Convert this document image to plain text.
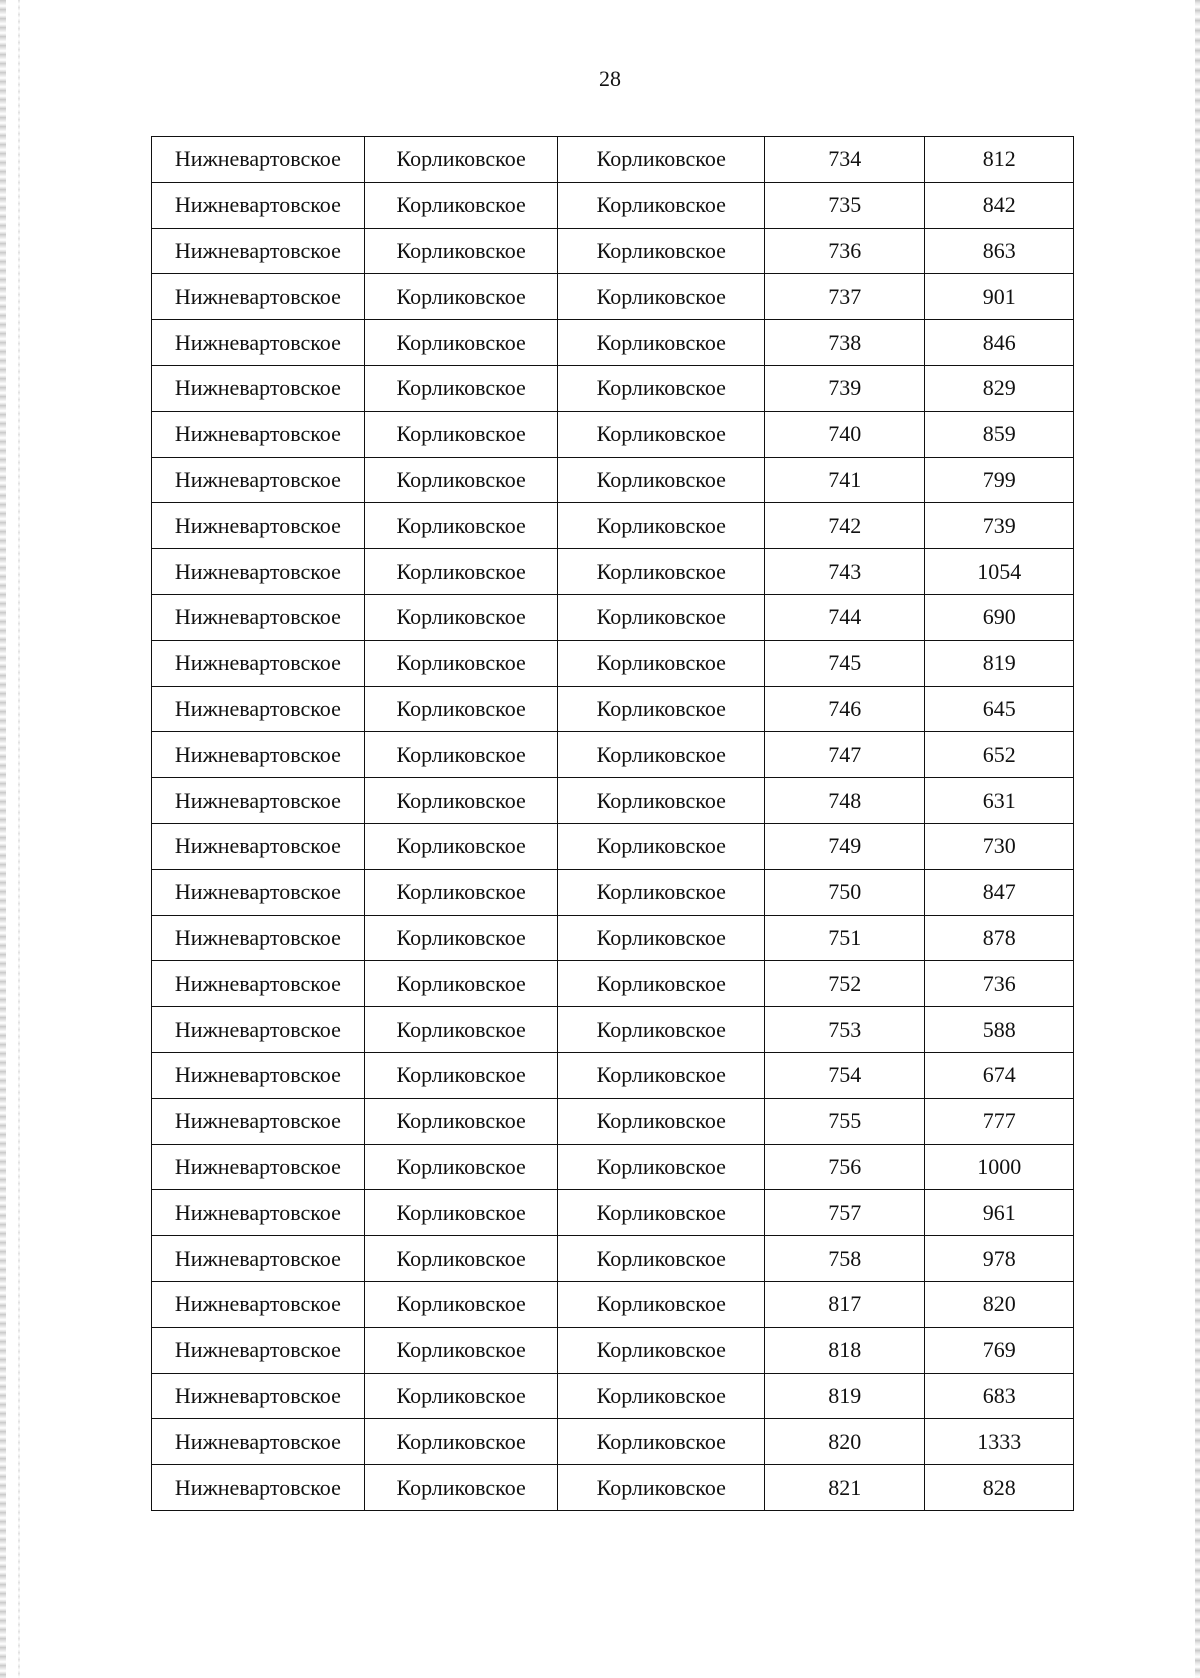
28
Нижневартовское	Корликовское	Корликовское	734	812
Нижневартовское	Корликовское	Корликовское	735	842
Нижневартовское	Корликовское	Корликовское	736	863
Нижневартовское	Корликовское	Корликовское	737	901
Нижневартовское	Корликовское	Корликовское	738	846
Нижневартовское	Корликовское	Корликовское	739	829
Нижневартовское	Корликовское	Корликовское	740	859
Нижневартовское	Корликовское	Корликовское	741	799
Нижневартовское	Корликовское	Корликовское	742	739
Нижневартовское	Корликовское	Корликовское	743	1054
Нижневартовское	Корликовское	Корликовское	744	690
Нижневартовское	Корликовское	Корликовское	745	819
Нижневартовское	Корликовское	Корликовское	746	645
Нижневартовское	Корликовское	Корликовское	747	652
Нижневартовское	Корликовское	Корликовское	748	631
Нижневартовское	Корликовское	Корликовское	749	730
Нижневартовское	Корликовское	Корликовское	750	847
Нижневартовское	Корликовское	Корликовское	751	878
Нижневартовское	Корликовское	Корликовское	752	736
Нижневартовское	Корликовское	Корликовское	753	588
Нижневартовское	Корликовское	Корликовское	754	674
Нижневартовское	Корликовское	Корликовское	755	777
Нижневартовское	Корликовское	Корликовское	756	1000
Нижневартовское	Корликовское	Корликовское	757	961
Нижневартовское	Корликовское	Корликовское	758	978
Нижневартовское	Корликовское	Корликовское	817	820
Нижневартовское	Корликовское	Корликовское	818	769
Нижневартовское	Корликовское	Корликовское	819	683
Нижневартовское	Корликовское	Корликовское	820	1333
Нижневартовское	Корликовское	Корликовское	821	828
